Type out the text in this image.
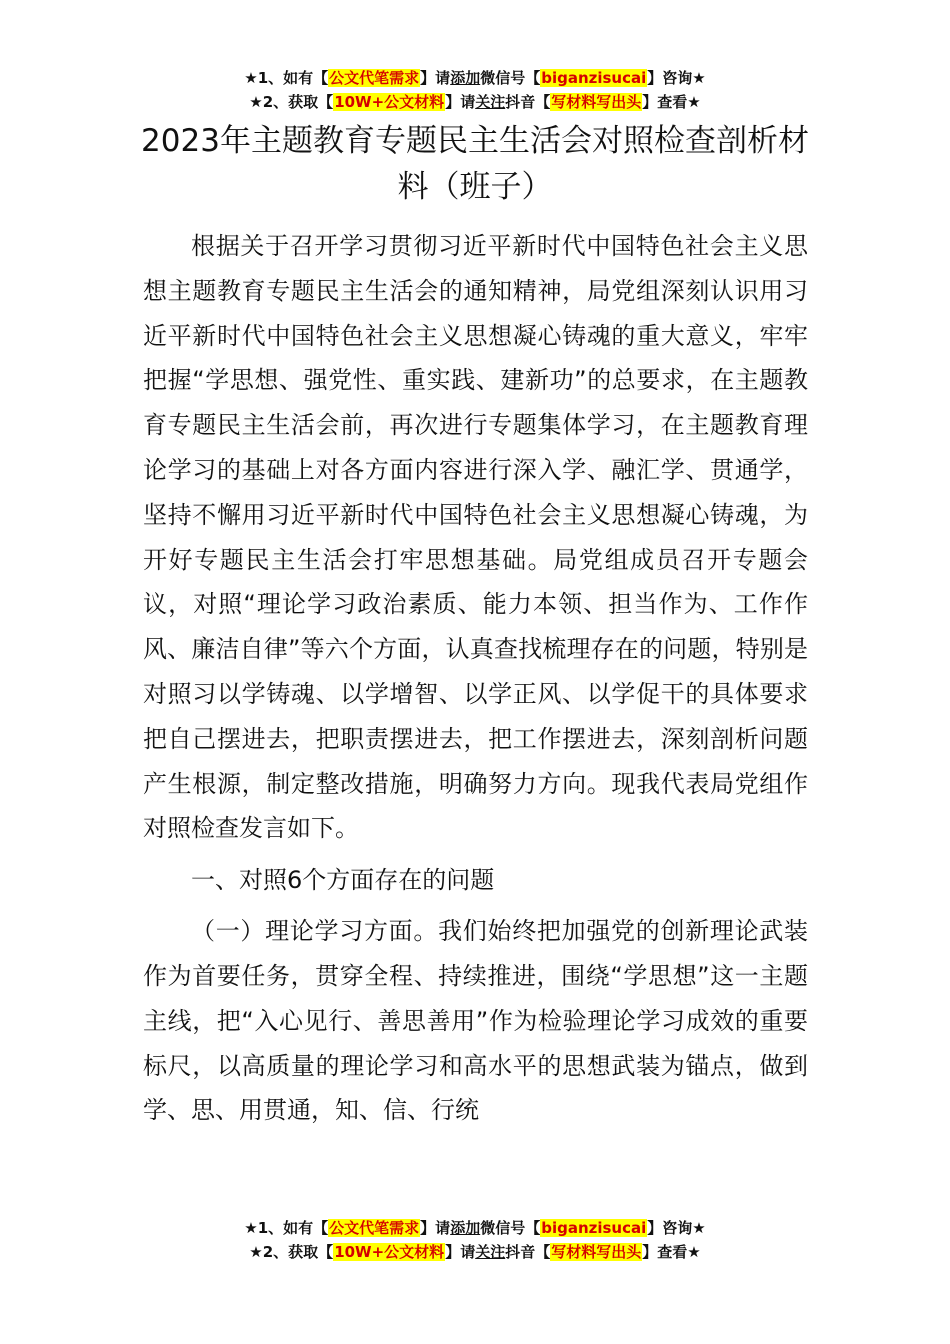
★1、如有【公文代笔需求】请添加微信号【biganzisucai】咨询★
★2、获取【10W+公文材料】请关注抖音【写材料写出头】查看★
2023年主题教育专题民主生活会对照检查剖析材料（班子）

根据关于召开学习贯彻习近平新时代中国特色社会主义思想主题教育专题民主生活会的通知精神，局党组深刻认识用习近平新时代中国特色社会主义思想凝心铸魂的重大意义，牢牢把握“学思想、强党性、重实践、建新功”的总要求，在主题教育专题民主生活会前，再次进行专题集体学习，在主题教育理论学习的基础上对各方面内容进行深入学、融汇学、贯通学，坚持不懈用习近平新时代中国特色社会主义思想凝心铸魂，为开好专题民主生活会打牢思想基础。局党组成员召开专题会议，对照“理论学习政治素质、能力本领、担当作为、工作作风、廉洁自律”等六个方面，认真查找梳理存在的问题，特别是对照习以学铸魂、以学增智、以学正风、以学促干的具体要求把自己摆进去，把职责摆进去，把工作摆进去，深刻剖析问题产生根源，制定整改措施，明确努力方向。现我代表局党组作对照检查发言如下。

一、对照6个方面存在的问题

（一）理论学习方面。我们始终把加强党的创新理论武装作为首要任务，贯穿全程、持续推进，围绕“学思想”这一主题主线，把“入心见行、善思善用”作为检验理论学习成效的重要标尺，以高质量的理论学习和高水平的思想武装为锚点，做到学、思、用贯通，知、信、行统

★1、如有【公文代笔需求】请添加微信号【biganzisucai】咨询★
★2、获取【10W+公文材料】请关注抖音【写材料写出头】查看★
